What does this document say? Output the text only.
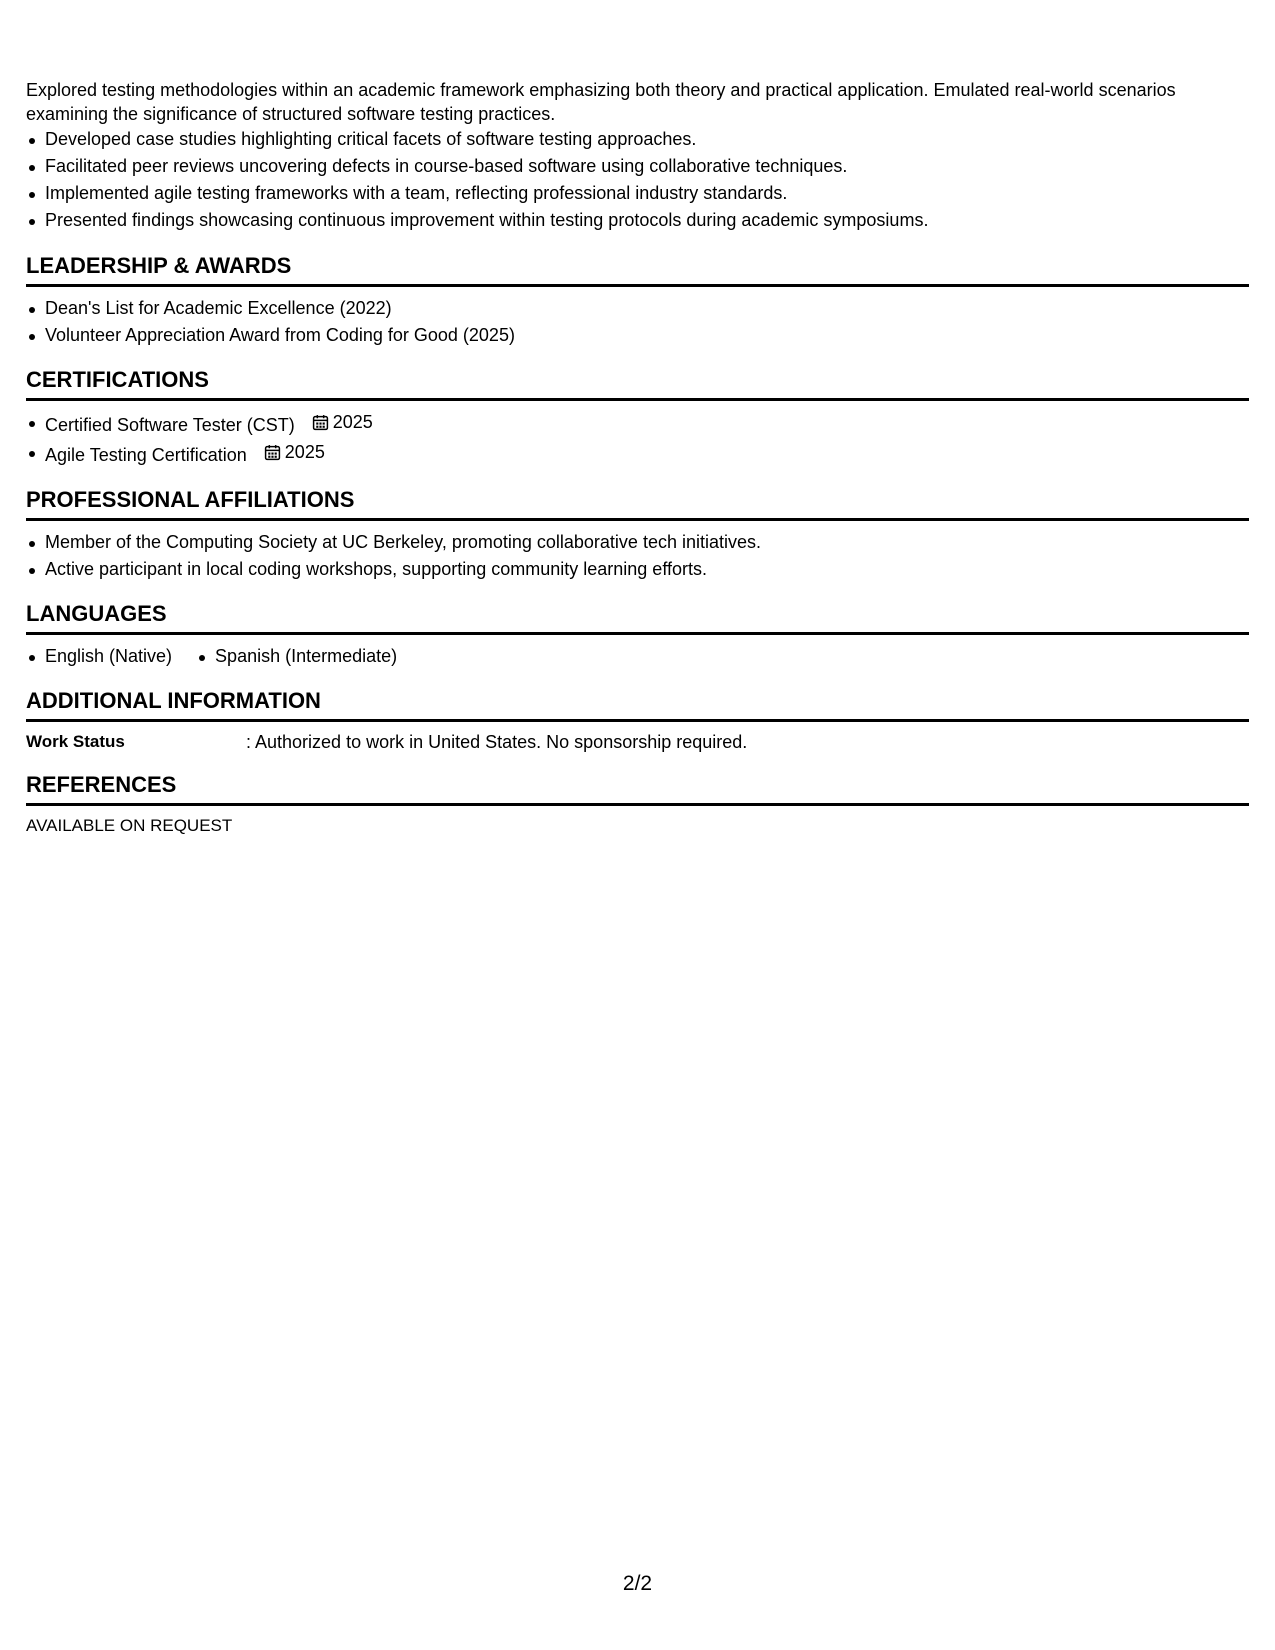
Explored testing methodologies within an academic framework emphasizing both theory and practical application. Emulated real-world scenarios examining the significance of structured software testing practices.

Developed case studies highlighting critical facets of software testing approaches.
Facilitated peer reviews uncovering defects in course-based software using collaborative techniques.
Implemented agile testing frameworks with a team, reflecting professional industry standards.
Presented findings showcasing continuous improvement within testing protocols during academic symposiums.
LEADERSHIP & AWARDS
Dean's List for Academic Excellence (2022)
Volunteer Appreciation Award from Coding for Good (2025)
CERTIFICATIONS
Certified Software Tester (CST) 2025
Agile Testing Certification 2025
PROFESSIONAL AFFILIATIONS
Member of the Computing Society at UC Berkeley, promoting collaborative tech initiatives.
Active participant in local coding workshops, supporting community learning efforts.
LANGUAGES
English (Native)	Spanish (Intermediate)
ADDITIONAL INFORMATION
Work Status	: Authorized to work in United States. No sponsorship required.
REFERENCES

AVAILABLE ON REQUEST

2/2
